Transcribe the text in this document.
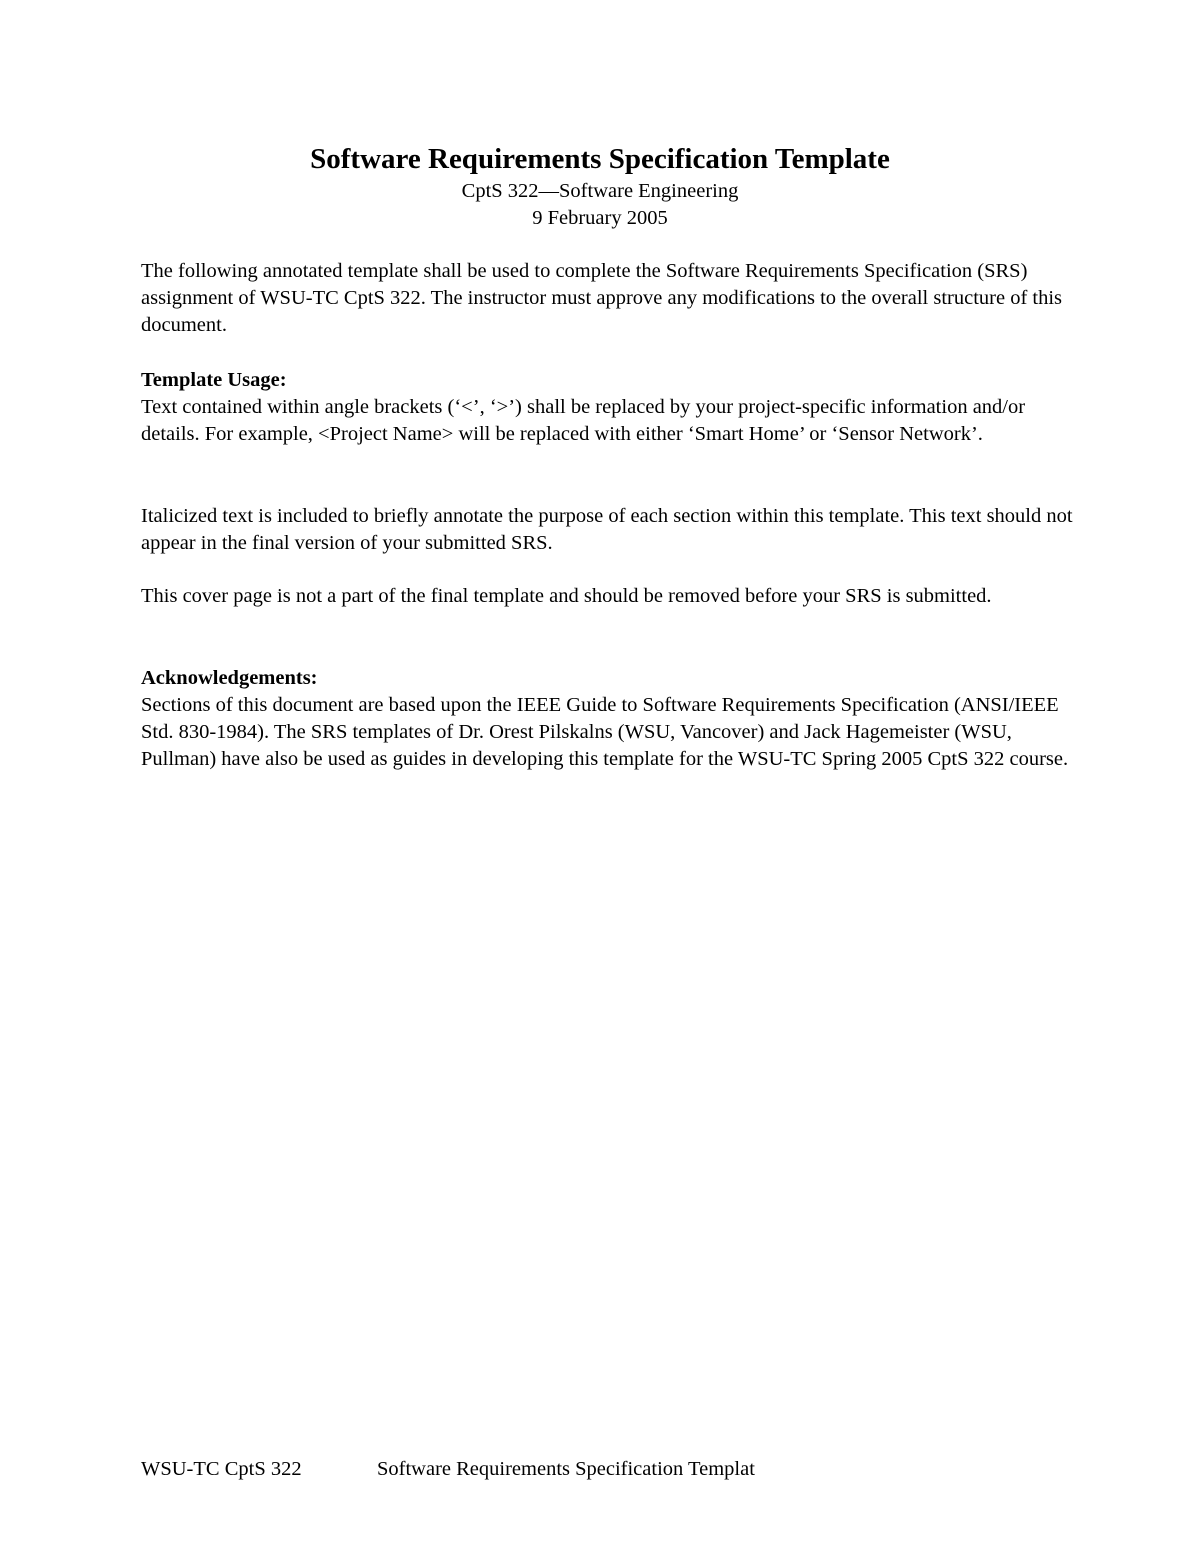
Software Requirements Specification Template

CptS 322—Software Engineering

9 February 2005

The following annotated template shall be used to complete the Software Requirements Specification (SRS) assignment of WSU-TC CptS 322. The instructor must approve any modifications to the overall structure of this document.

Template Usage:

Text contained within angle brackets (‘<’, ‘>’) shall be replaced by your project-specific information and/or details. For example, <Project Name> will be replaced with either ‘Smart Home’ or ‘Sensor Network’.

Italicized text is included to briefly annotate the purpose of each section within this template. This text should not appear in the final version of your submitted SRS.

This cover page is not a part of the final template and should be removed before your SRS is submitted.

Acknowledgements:

Sections of this document are based upon the IEEE Guide to Software Requirements Specification (ANSI/IEEE Std. 830-1984). The SRS templates of Dr. Orest Pilskalns (WSU, Vancover) and Jack Hagemeister (WSU, Pullman) have also be used as guides in developing this template for the WSU-TC Spring 2005 CptS 322 course.

WSU-TC CptS 322	Software Requirements Specification Templat
